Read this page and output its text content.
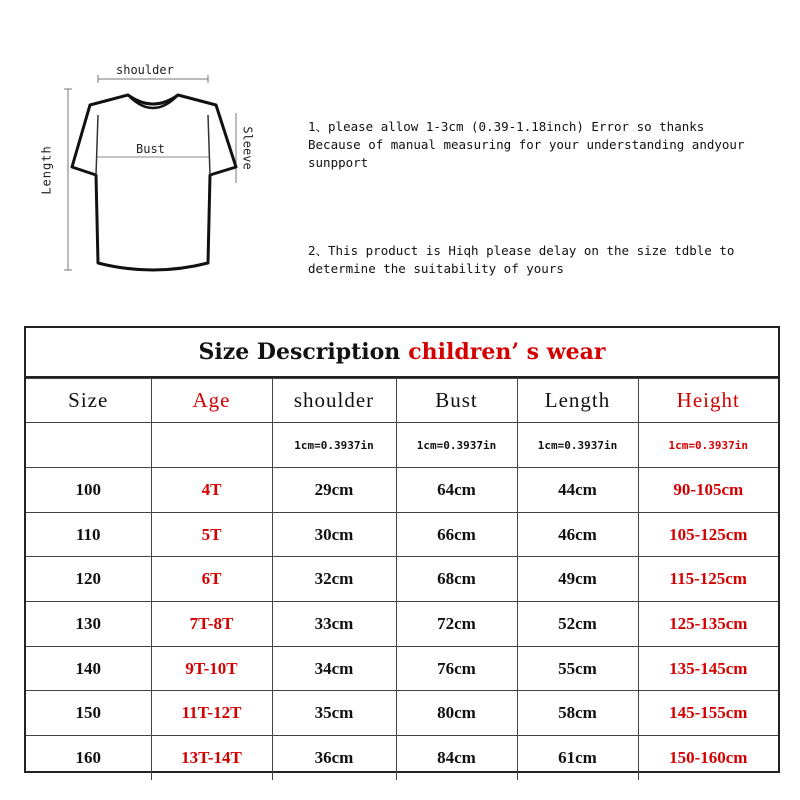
shoulder
Bust
Length	Sleeve	1、please allow 1-3cm (0.39-1.18inch) Error so thanks
Because of manual measuring for your understanding andyour
sunpport
2、This product is Hiqh please delay on the size tdble to
determine the suitability of yours
Size Description children’ s wear
Size	Age	shoulder	Bust	Length	Height
		1cm=0.3937in	1cm=0.3937in	1cm=0.3937in	1cm=0.3937in
100	4T	29cm	64cm	44cm	90-105cm
110	5T	30cm	66cm	46cm	105-125cm
120	6T	32cm	68cm	49cm	115-125cm
130	7T-8T	33cm	72cm	52cm	125-135cm
140	9T-10T	34cm	76cm	55cm	135-145cm
150	11T-12T	35cm	80cm	58cm	145-155cm
160	13T-14T	36cm	84cm	61cm	150-160cm
